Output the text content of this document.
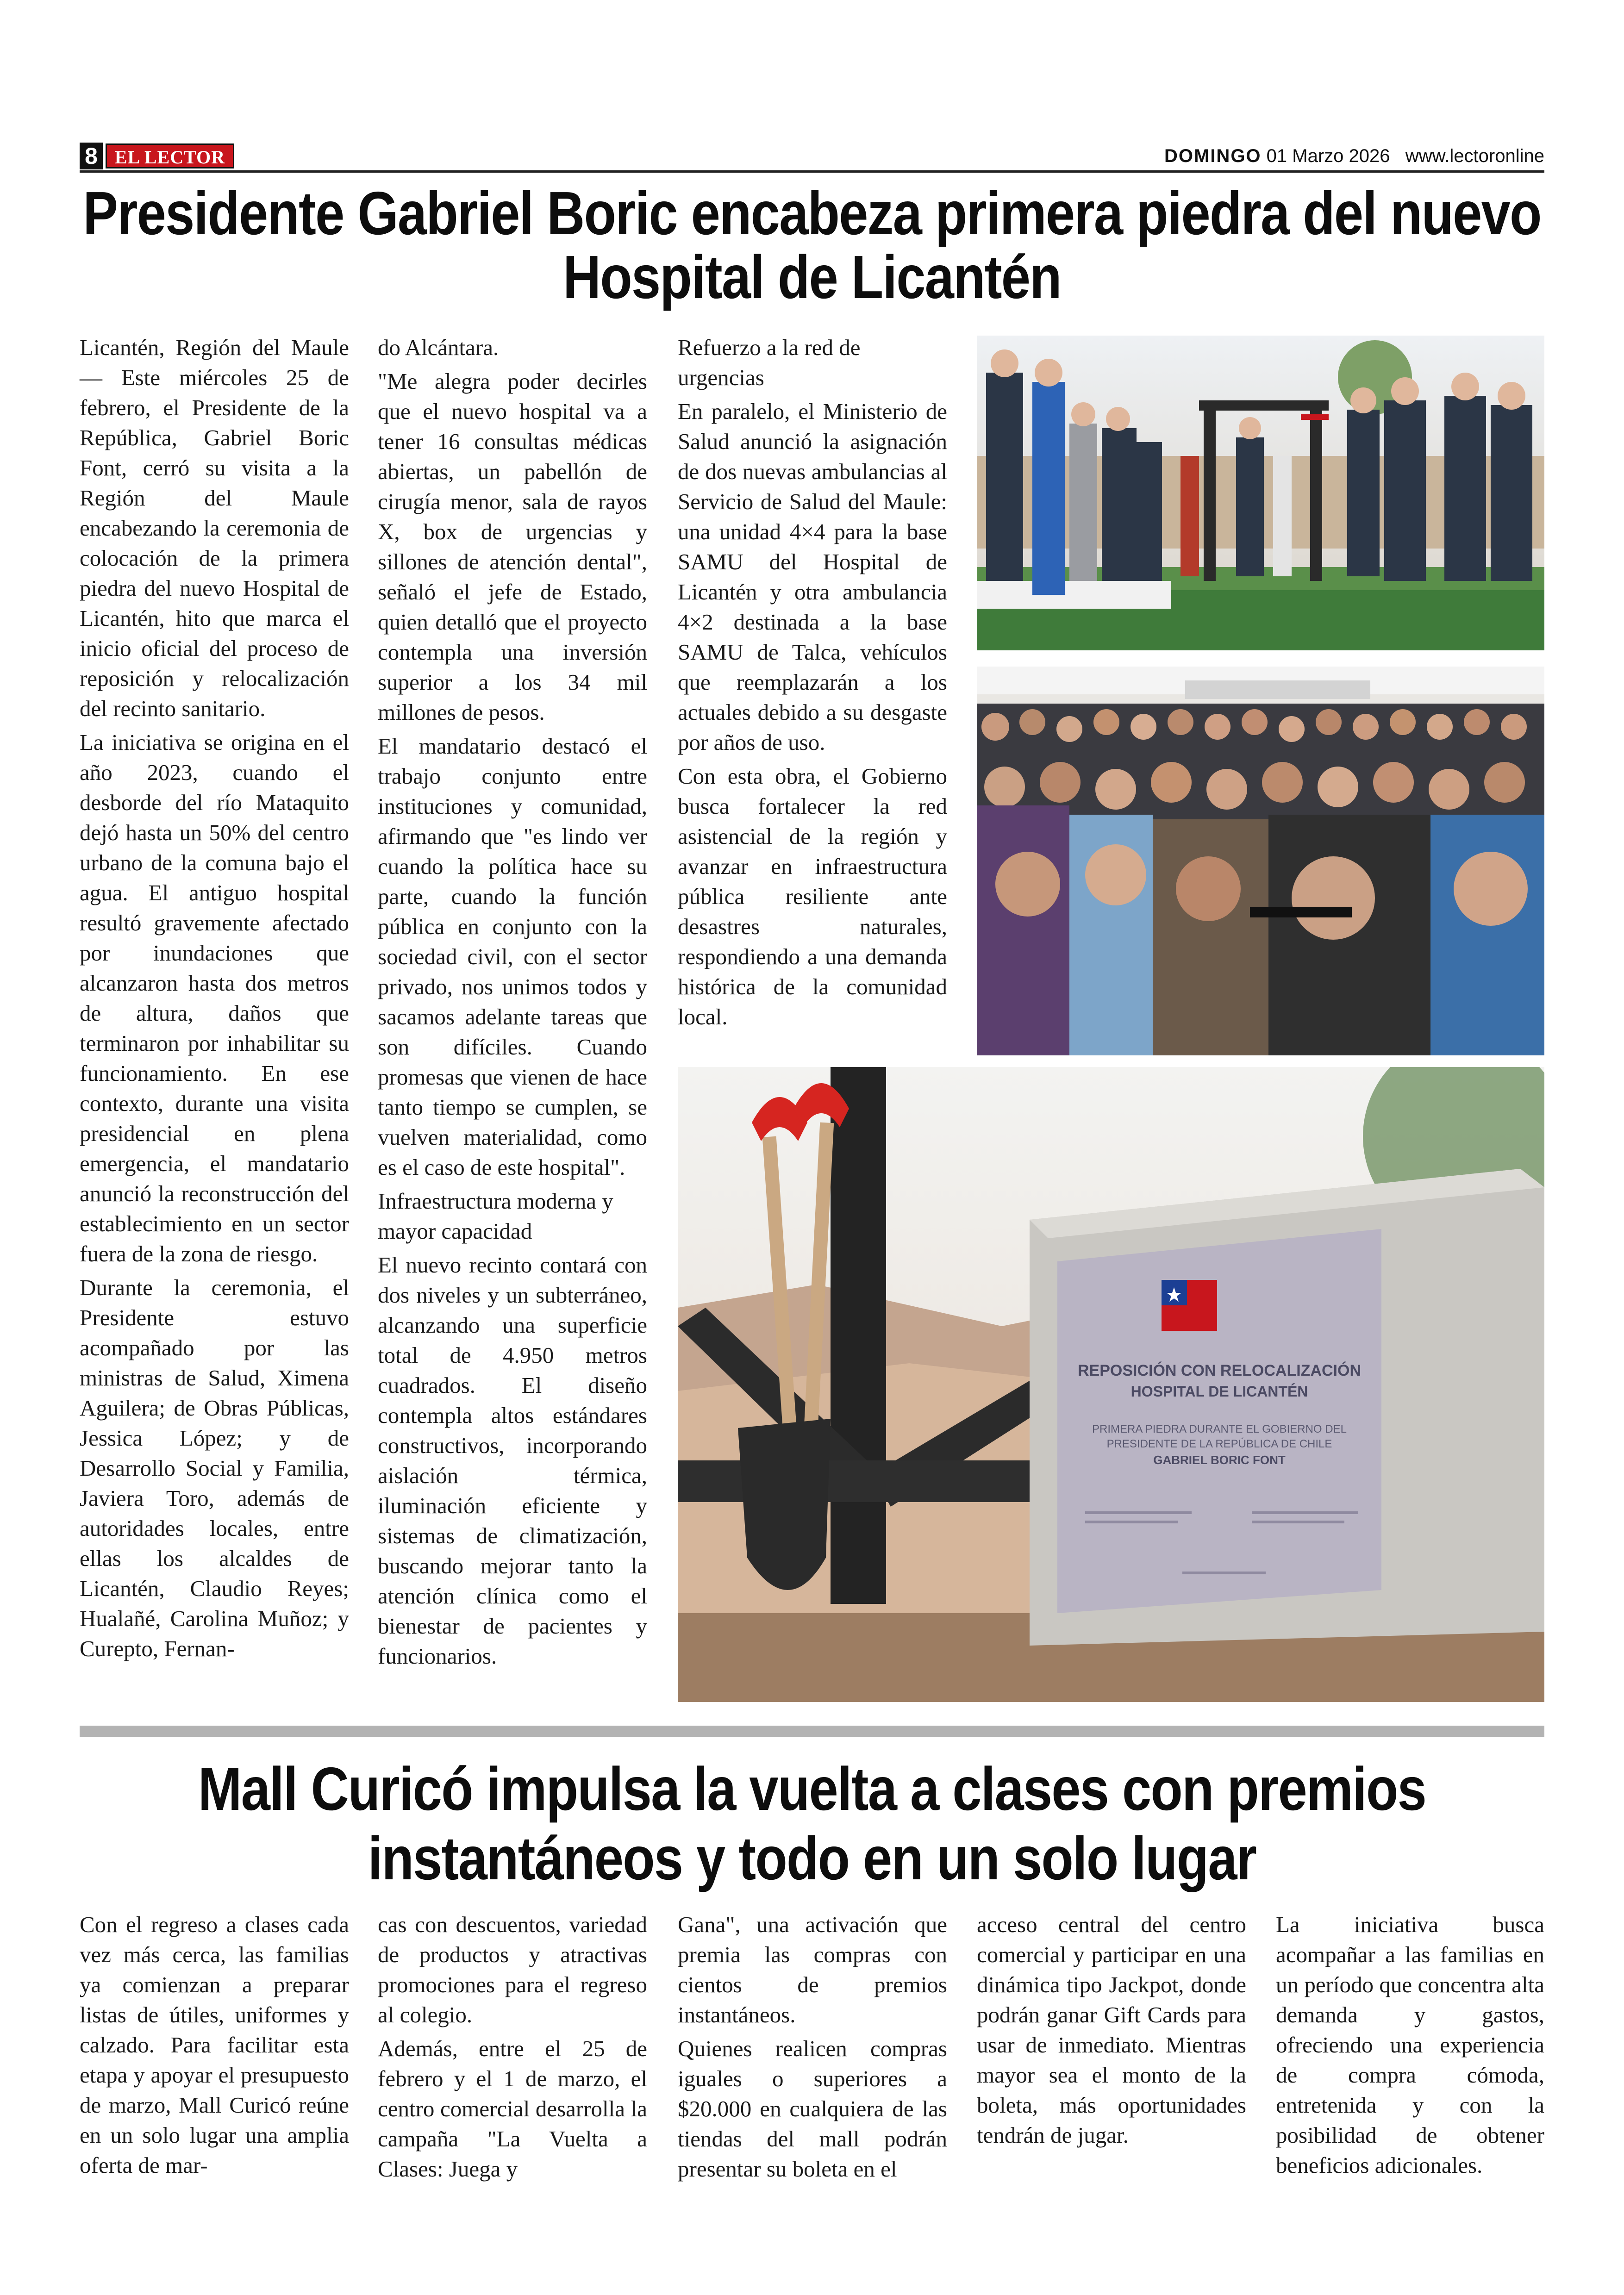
8 EL LECTOR	DOMINGO 01 Marzo 2026 www.lectoronline
Presidente Gabriel Boric encabeza primera piedra del nuevo Hospital de Licantén

Licantén, Región del Maule — Este miércoles 25 de febrero, el Presidente de la República, Gabriel Boric Font, cerró su visita a la Región del Maule encabezando la ceremonia de colocación de la primera piedra del nuevo Hospital de Licantén, hito que marca el inicio oficial del proceso de reposición y relocalización del recinto sanitario.

La iniciativa se origina en el año 2023, cuando el desborde del río Mataquito dejó hasta un 50% del centro urbano de la comuna bajo el agua. El antiguo hospital resultó gravemente afectado por inundaciones que alcanzaron hasta dos metros de altura, daños que terminaron por inhabilitar su funcionamiento. En ese contexto, durante una visita presidencial en plena emergencia, el mandatario anunció la reconstrucción del establecimiento en un sector fuera de la zona de riesgo.

Durante la ceremonia, el Presidente estuvo acompañado por las ministras de Salud, Ximena Aguilera; de Obras Públicas, Jessica López; y de Desarrollo Social y Familia, Javiera Toro, además de autoridades locales, entre ellas los alcaldes de Licantén, Claudio Reyes; Hualañé, Carolina Muñoz; y Curepto, Fernan-

do Alcántara.

"Me alegra poder decirles que el nuevo hospital va a tener 16 consultas médicas abiertas, un pabellón de cirugía menor, sala de rayos X, box de urgencias y sillones de atención dental", señaló el jefe de Estado, quien detalló que el proyecto contempla una inversión superior a los 34 mil millones de pesos.

El mandatario destacó el trabajo conjunto entre instituciones y comunidad, afirmando que "es lindo ver cuando la política hace su parte, cuando la función pública en conjunto con la sociedad civil, con el sector privado, nos unimos todos y sacamos adelante tareas que son difíciles. Cuando promesas que vienen de hace tanto tiempo se cumplen, se vuelven materialidad, como es el caso de este hospital".

Infraestructura moderna y mayor capacidad

El nuevo recinto contará con dos niveles y un subterráneo, alcanzando una superficie total de 4.950 metros cuadrados. El diseño contempla altos estándares constructivos, incorporando aislación térmica, iluminación eficiente y sistemas de climatización, buscando mejorar tanto la atención clínica como el bienestar de pacientes y funcionarios.

Refuerzo a la red de urgencias

En paralelo, el Ministerio de Salud anunció la asignación de dos nuevas ambulancias al Servicio de Salud del Maule: una unidad 4×4 para la base SAMU del Hospital de Licantén y otra ambulancia 4×2 destinada a la base SAMU de Talca, vehículos que reemplazarán a los actuales debido a su desgaste por años de uso.

Con esta obra, el Gobierno busca fortalecer la red asistencial de la región y avanzar en infraestructura pública resiliente ante desastres naturales, respondiendo a una demanda histórica de la comunidad local.

REPOSICIÓN CON RELOCALIZACIÓN
HOSPITAL DE LICANTÉN
PRIMERA PIEDRA DURANTE EL GOBIERNO DEL
PRESIDENTE DE LA REPÚBLICA DE CHILE
GABRIEL BORIC FONT
Mall Curicó impulsa la vuelta a clases con premios instantáneos y todo en un solo lugar

Con el regreso a clases cada vez más cerca, las familias ya comienzan a preparar listas de útiles, uniformes y calzado. Para facilitar esta etapa y apoyar el presupuesto de marzo, Mall Curicó reúne en un solo lugar una amplia oferta de mar-

cas con descuentos, variedad de productos y atractivas promociones para el regreso al colegio.

Además, entre el 25 de febrero y el 1 de marzo, el centro comercial desarrolla la campaña "La Vuelta a Clases: Juega y

Gana", una activación que premia las compras con cientos de premios instantáneos.

Quienes realicen compras iguales o superiores a $20.000 en cualquiera de las tiendas del mall podrán presentar su boleta en el

acceso central del centro comercial y participar en una dinámica tipo Jackpot, donde podrán ganar Gift Cards para usar de inmediato. Mientras mayor sea el monto de la boleta, más oportunidades tendrán de jugar.

La iniciativa busca acompañar a las familias en un período que concentra alta demanda y gastos, ofreciendo una experiencia de compra cómoda, entretenida y con la posibilidad de obtener beneficios adicionales.
